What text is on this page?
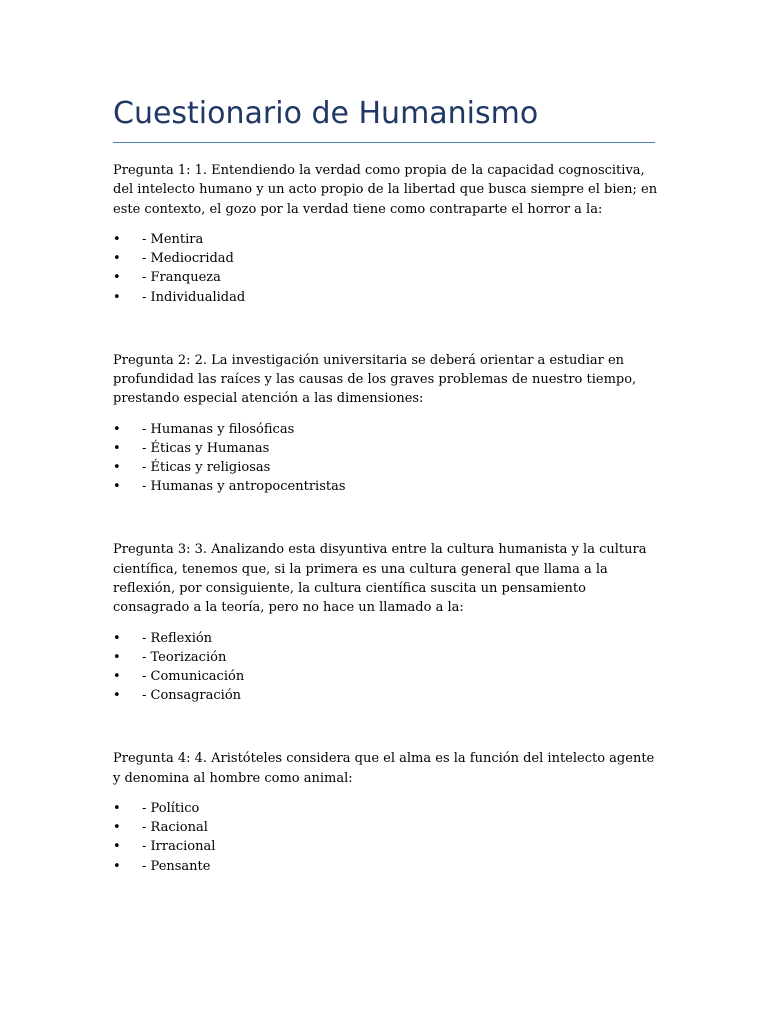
Cuestionario de Humanismo

Pregunta 1: 1. Entendiendo la verdad como propia de la capacidad cognoscitiva, del intelecto humano y un acto propio de la libertad que busca siempre el bien; en este contexto, el gozo por la verdad tiene como contraparte el horror a la:

• - Mentira
• - Mediocridad
• - Franqueza
• - Individualidad

Pregunta 2: 2. La investigación universitaria se deberá orientar a estudiar en profundidad las raíces y las causas de los graves problemas de nuestro tiempo, prestando especial atención a las dimensiones:

• - Humanas y filosóficas
• - Éticas y Humanas
• - Éticas y religiosas
• - Humanas y antropocentristas

Pregunta 3: 3. Analizando esta disyuntiva entre la cultura humanista y la cultura científica, tenemos que, si la primera es una cultura general que llama a la reflexión, por consiguiente, la cultura científica suscita un pensamiento consagrado a la teoría, pero no hace un llamado a la:

• - Reflexión
• - Teorización
• - Comunicación
• - Consagración

Pregunta 4: 4. Aristóteles considera que el alma es la función del intelecto agente y denomina al hombre como animal:

• - Político
• - Racional
• - Irracional
• - Pensante
